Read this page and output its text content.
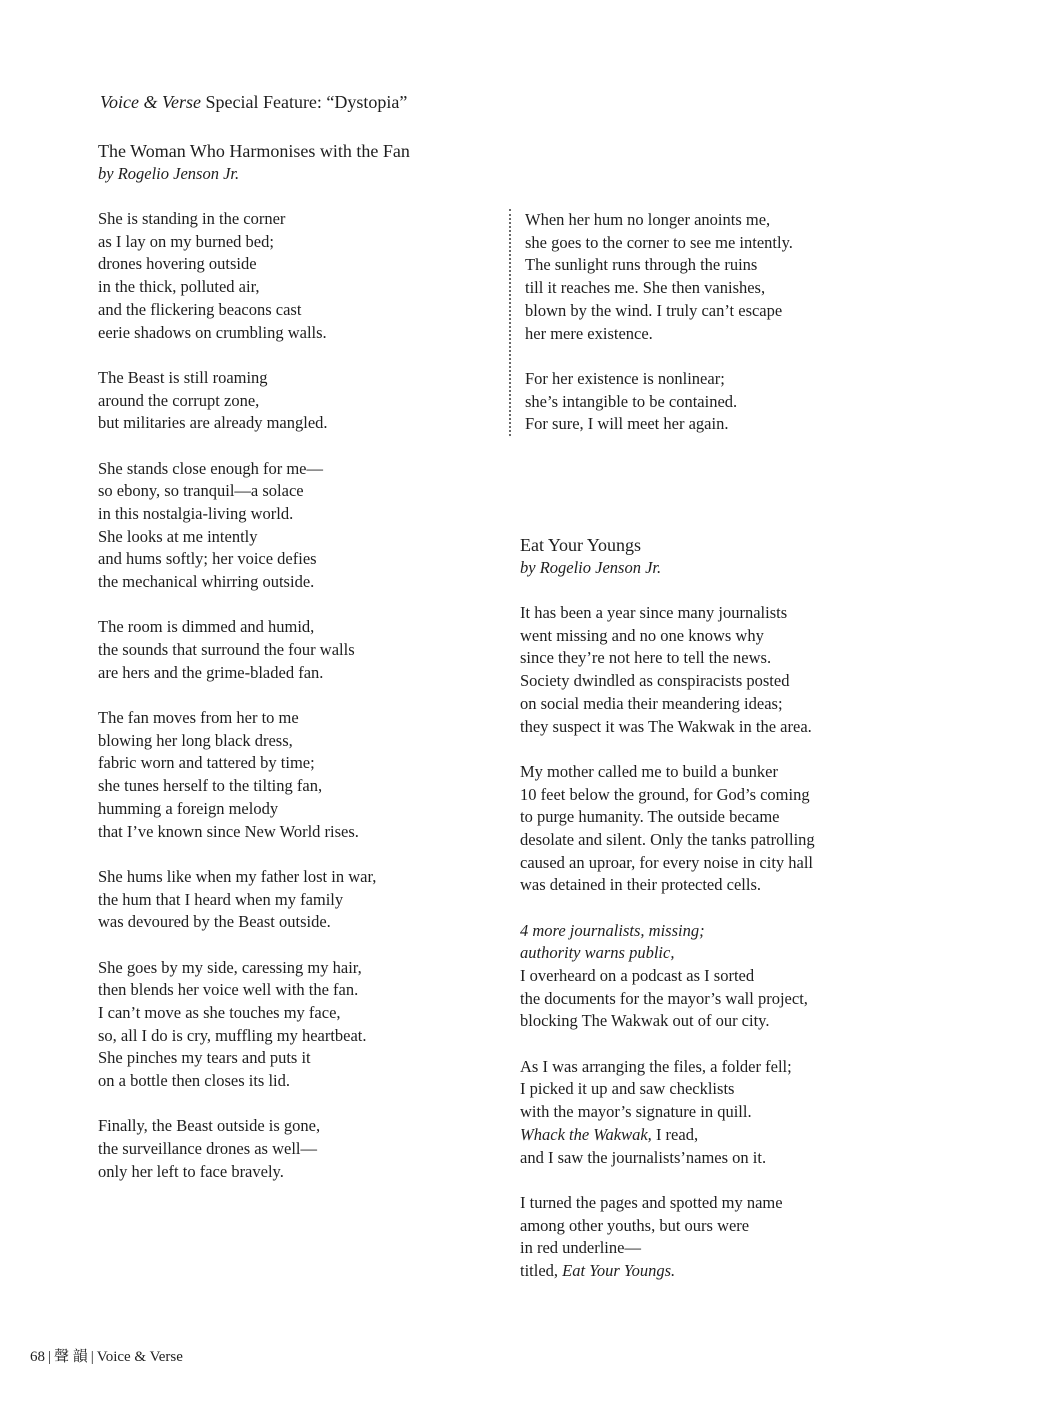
Voice & Verse Special Feature: “Dystopia”
The Woman Who Harmonises with the Fan
by Rogelio Jenson Jr.
She is standing in the corner
as I lay on my burned bed;
drones hovering outside
in the thick, polluted air,
and the flickering beacons cast
eerie shadows on crumbling walls.
The Beast is still roaming
around the corrupt zone,
but militaries are already mangled.
She stands close enough for me—
so ebony, so tranquil—a solace
in this nostalgia-living world.
She looks at me intently
and hums softly; her voice defies
the mechanical whirring outside.
The room is dimmed and humid,
the sounds that surround the four walls
are hers and the grime-bladed fan.
The fan moves from her to me
blowing her long black dress,
fabric worn and tattered by time;
she tunes herself to the tilting fan,
humming a foreign melody
that I’ve known since New World rises.
She hums like when my father lost in war,
the hum that I heard when my family
was devoured by the Beast outside.
She goes by my side, caressing my hair,
then blends her voice well with the fan.
I can’t move as she touches my face,
so, all I do is cry, muffling my heartbeat.
She pinches my tears and puts it
on a bottle then closes its lid.
Finally, the Beast outside is gone,
the surveillance drones as well—
only her left to face bravely.
When her hum no longer anoints me,
she goes to the corner to see me intently.
The sunlight runs through the ruins
till it reaches me. She then vanishes,
blown by the wind. I truly can’t escape
her mere existence.
For her existence is nonlinear;
she’s intangible to be contained.
For sure, I will meet her again.
Eat Your Youngs
by Rogelio Jenson Jr.
It has been a year since many journalists
went missing and no one knows why
since they’re not here to tell the news.
Society dwindled as conspiracists posted
on social media their meandering ideas;
they suspect it was The Wakwak in the area.
My mother called me to build a bunker
10 feet below the ground, for God’s coming
to purge humanity. The outside became
desolate and silent. Only the tanks patrolling
caused an uproar, for every noise in city hall
was detained in their protected cells.
4 more journalists, missing;
authority warns public,
I overheard on a podcast as I sorted
the documents for the mayor’s wall project,
blocking The Wakwak out of our city.
As I was arranging the files, a folder fell;
I picked it up and saw checklists
with the mayor’s signature in quill.
Whack the Wakwak, I read,
and I saw the journalists’names on it.
I turned the pages and spotted my name
among other youths, but ours were
in red underline—
titled, Eat Your Youngs.
68 | 聲 韻 | Voice & Verse
